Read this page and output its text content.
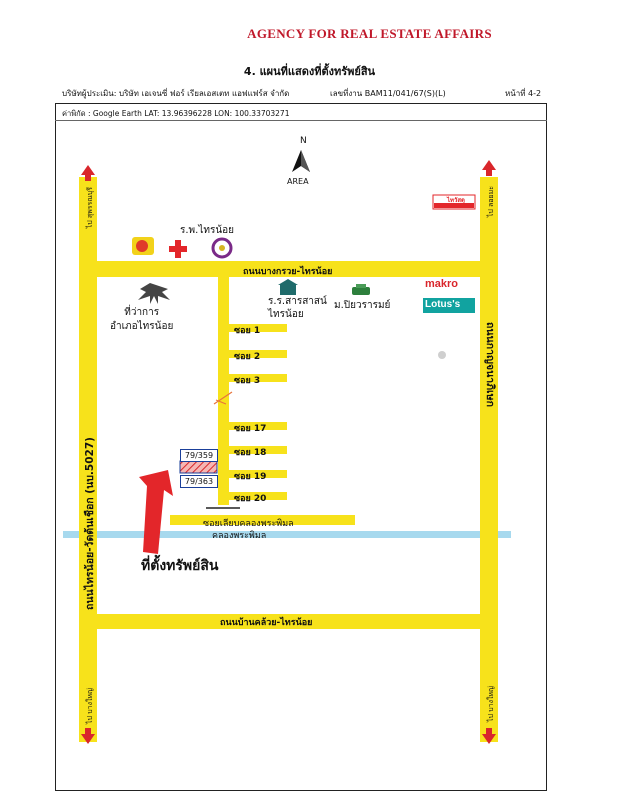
AGENCY FOR REAL ESTATE AFFAIRS
4. แผนที่แสดงที่ตั้งทรัพย์สิน
บริษัทผู้ประเมิน: บริษัท เอเจนซี่ ฟอร์ เรียลเอสเตท แอฟแฟร์ส จำกัด	เลขที่งาน BAM11/041/67(S)(L)	หน้าที่ 4-2
ค่าพิกัด : Google Earth LAT: 13.96396228 LON: 100.33703271
N
AREA
ถนนบางกรวย-ไทรน้อย
ถนนบ้านคล้วย-ไทรน้อย
ถนนไทรน้อย-วัดต้นเชือก (นบ.5027)
ถนนกาญจนาภิเษก
ไป สุพรรณบุรี
ไป บางใหญ่
ไป ลอยมะ
ไป บางใหญ่
ร.พ.ไทรน้อย
ที่ว่าการ
อำเภอไทรน้อย
ร.ร.สารสาสน์
ไทรน้อย
ม.ปิยวรารมย์
makro
Lotus's
ไทวัสดุ
ซอย 1
ซอย 2
ซอย 3
ซอย 17
ซอย 18
ซอย 19
ซอย 20
ซอยเลียบคลองพระพิมล
คลองพระพิมล
79/359
79/363
ที่ตั้งทรัพย์สิน
